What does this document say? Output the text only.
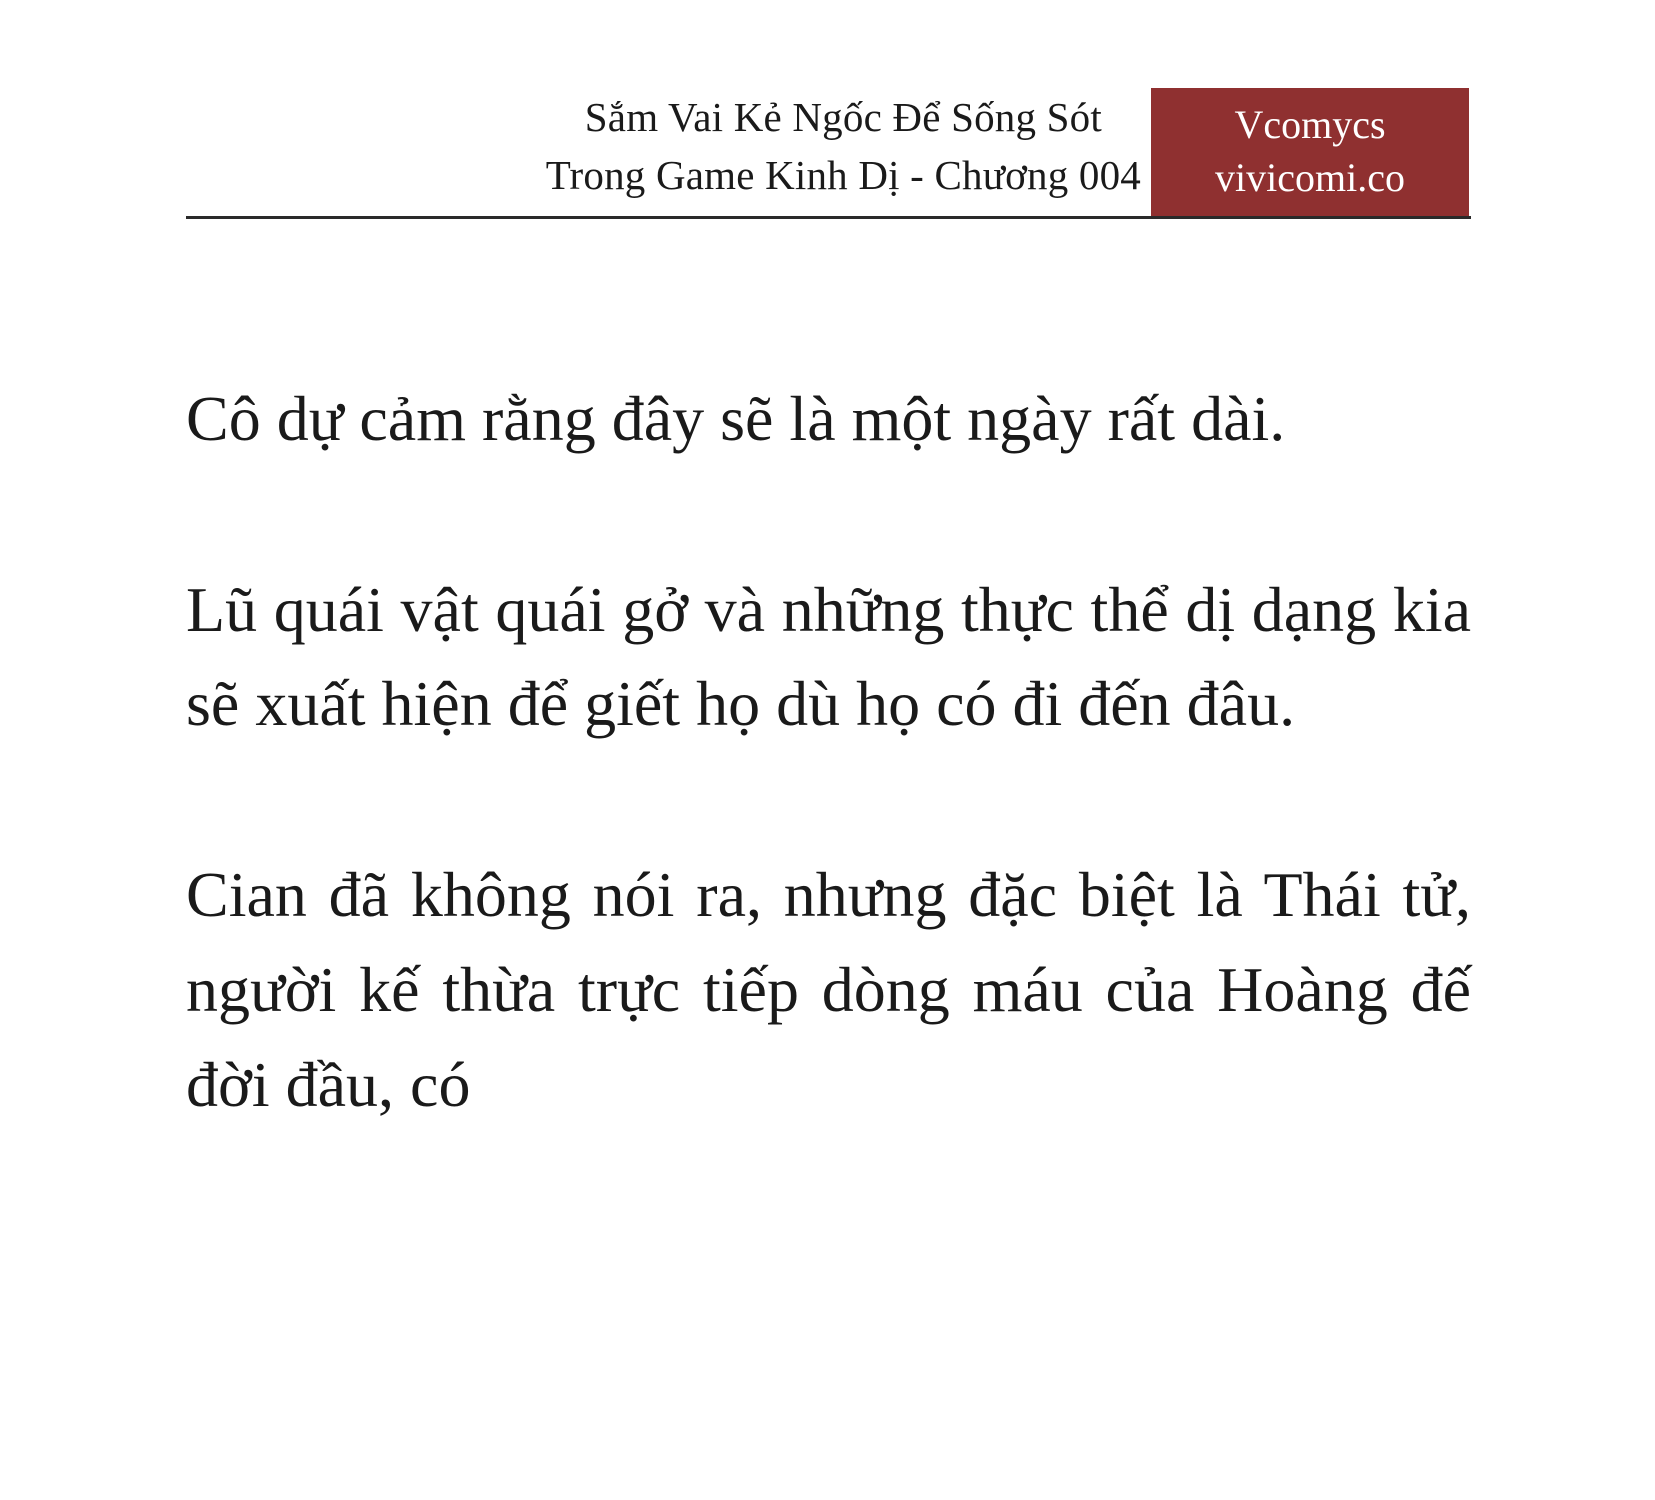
Sắm Vai Kẻ Ngốc Để Sống Sót
Trong Game Kinh Dị - Chương 004
Vcomycs
vivicomi.co

Cô dự cảm rằng đây sẽ là một ngày rất dài.

Lũ quái vật quái gở và những thực thể dị dạng kia sẽ xuất hiện để giết họ dù họ có đi đến đâu.

Cian đã không nói ra, nhưng đặc biệt là Thái tử, người kế thừa trực tiếp dòng máu của Hoàng đế đời đầu, có
